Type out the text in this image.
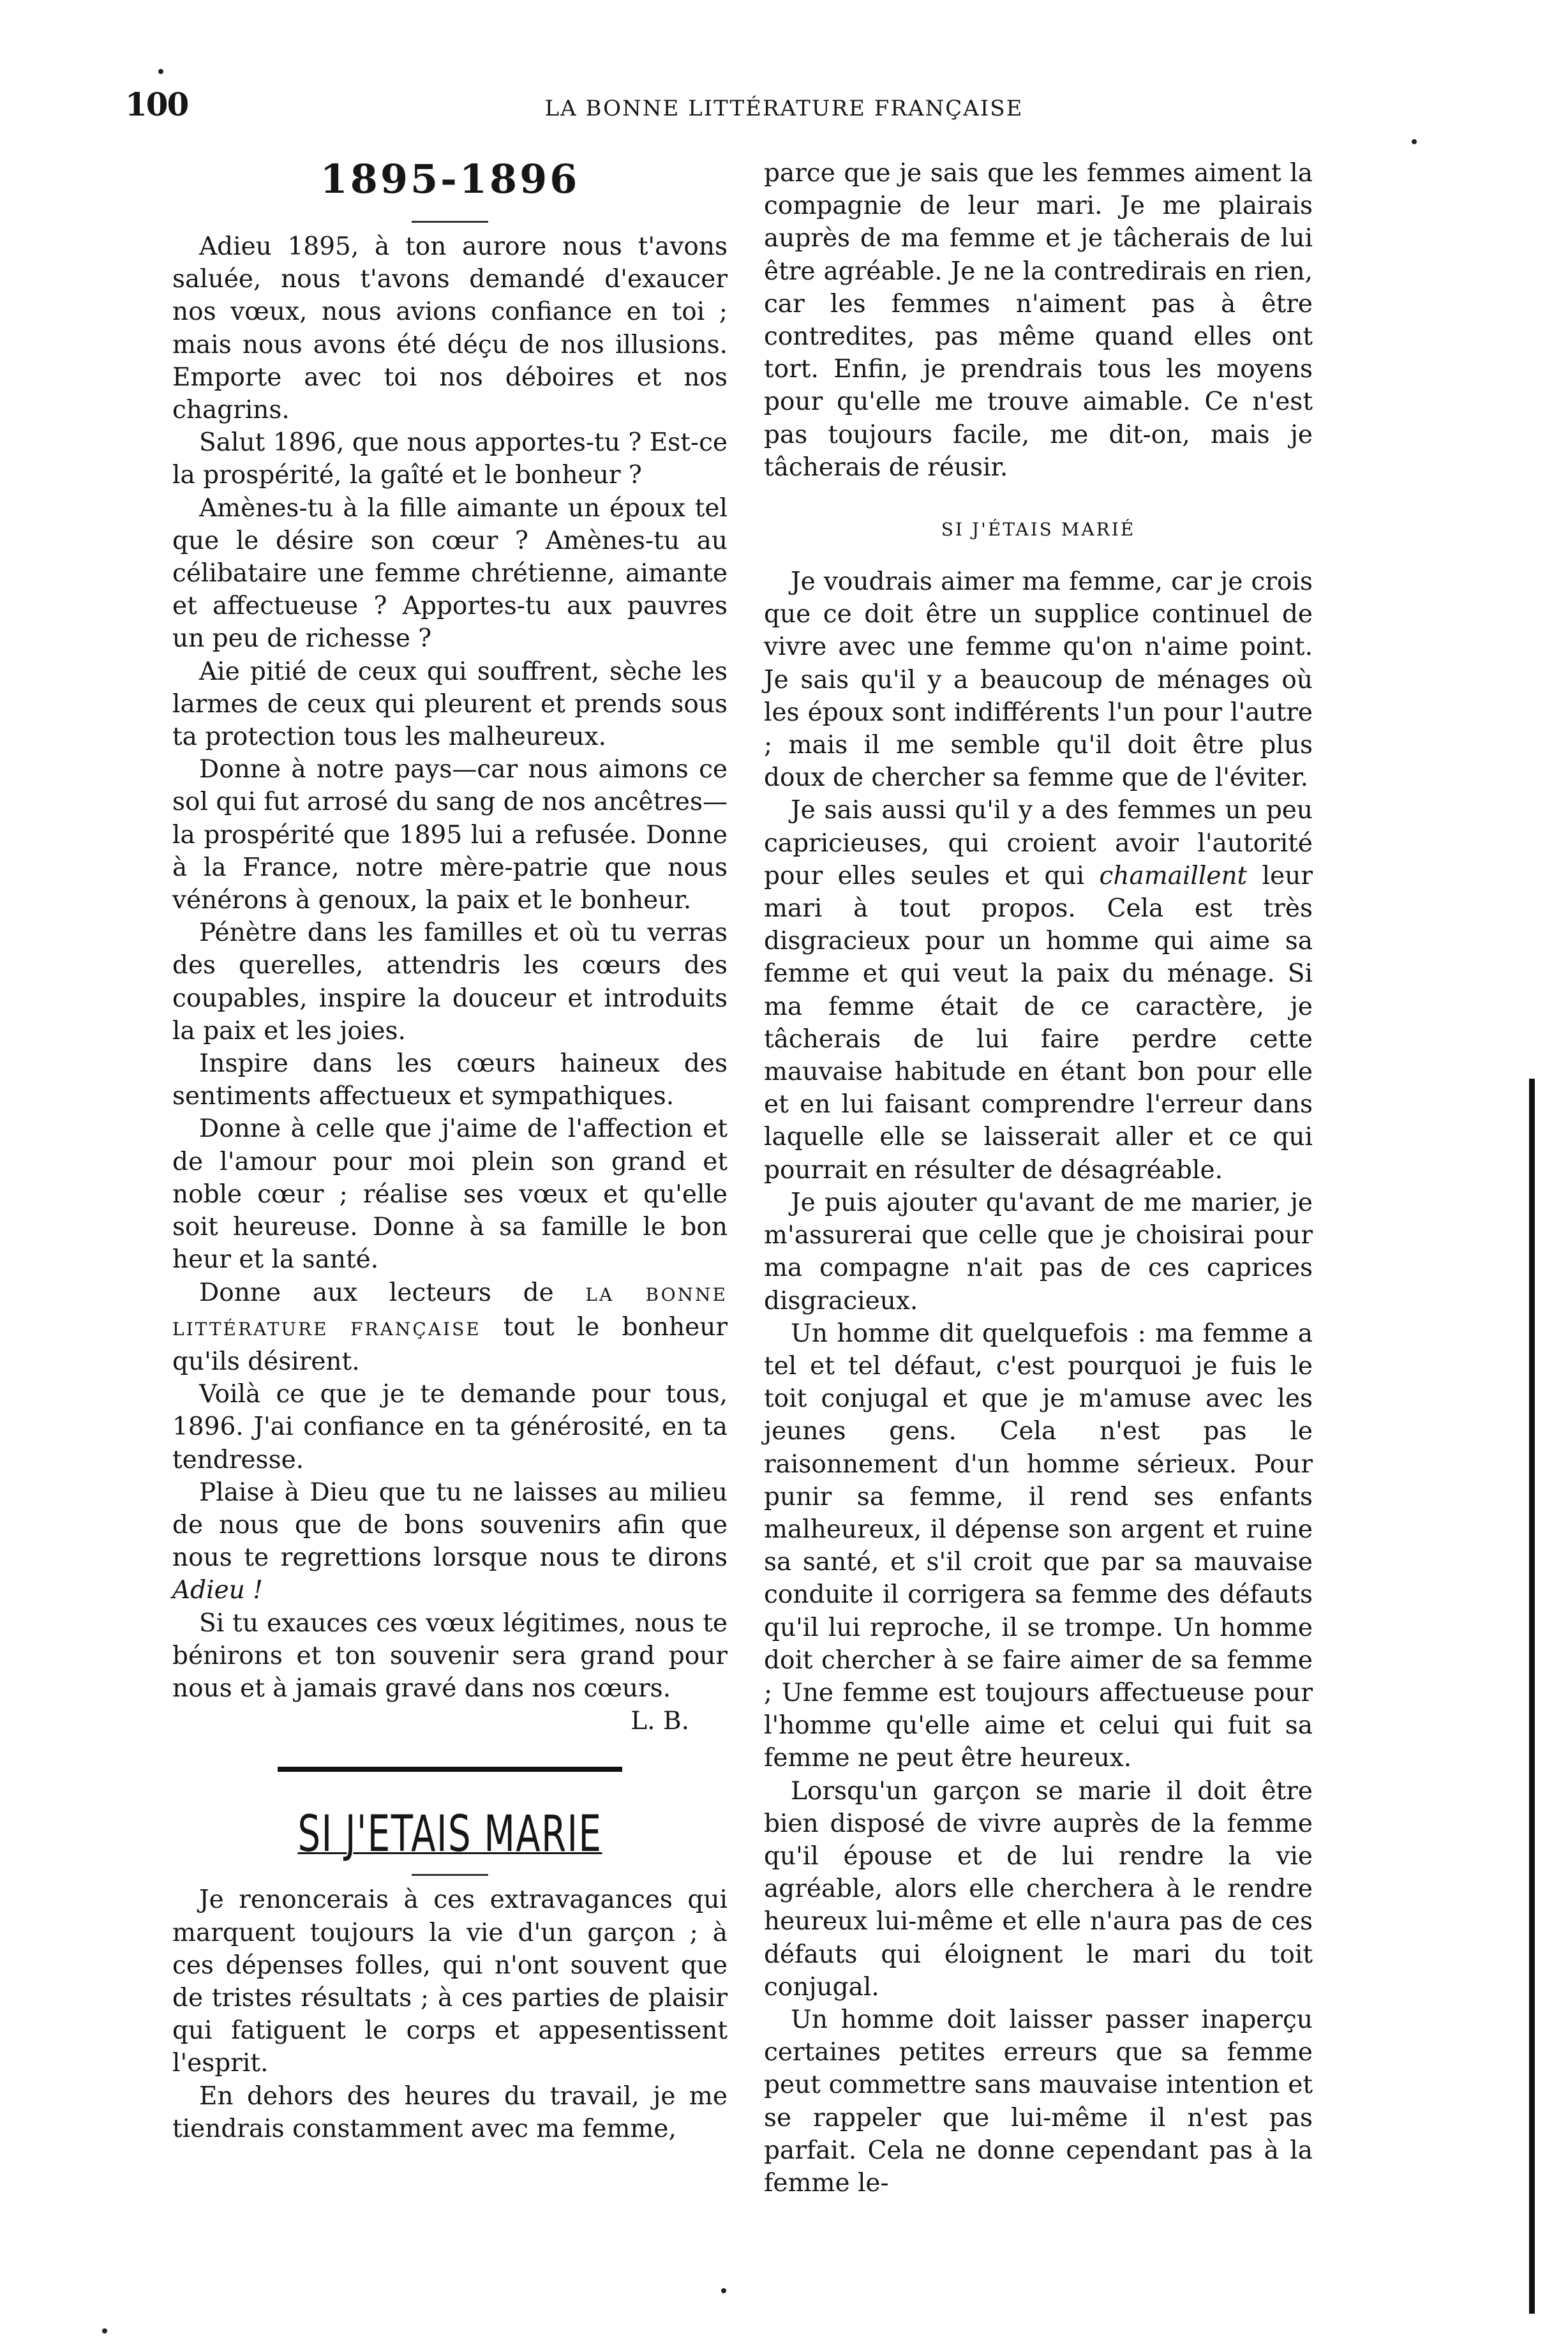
100	LA BONNE LITTÉRATURE FRANÇAISE
1895-1896

Adieu 1895, à ton aurore nous t'avons saluée, nous t'avons demandé d'exaucer nos vœux, nous avions confiance en toi ; mais nous avons été déçu de nos illusions. Emporte avec toi nos déboires et nos chagrins.

Salut 1896, que nous apportes-tu ? Est-ce la prospérité, la gaîté et le bonheur ?

Amènes-tu à la fille aimante un époux tel que le désire son cœur ? Amènes-tu au célibataire une femme chrétienne, aimante et affectueuse ? Apportes-tu aux pauvres un peu de richesse ?

Aie pitié de ceux qui souffrent, sèche les larmes de ceux qui pleurent et prends sous ta protection tous les malheureux.

Donne à notre pays—car nous aimons ce sol qui fut arrosé du sang de nos ancêtres—la prospérité que 1895 lui a refusée. Donne à la France, notre mère-patrie que nous vénérons à genoux, la paix et le bonheur.

Pénètre dans les familles et où tu verras des querelles, attendris les cœurs des coupables, inspire la douceur et introduits la paix et les joies.

Inspire dans les cœurs haineux des sentiments affectueux et sympathiques.

Donne à celle que j'aime de l'affection et de l'amour pour moi plein son grand et noble cœur ; réalise ses vœux et qu'elle soit heureuse. Donne à sa famille le bon heur et la santé.

Donne aux lecteurs de LA BONNE LITTÉRATURE FRANÇAISE tout le bonheur qu'ils désirent.

Voilà ce que je te demande pour tous, 1896. J'ai confiance en ta générosité, en ta tendresse.

Plaise à Dieu que tu ne laisses au milieu de nous que de bons souvenirs afin que nous te regrettions lorsque nous te dirons Adieu !

Si tu exauces ces vœux légitimes, nous te bénirons et ton souvenir sera grand pour nous et à jamais gravé dans nos cœurs.

L. B.
SI J'ETAIS MARIE

Je renoncerais à ces extravagances qui marquent toujours la vie d'un garçon ; à ces dépenses folles, qui n'ont souvent que de tristes résultats ; à ces parties de plaisir qui fatiguent le corps et appesentissent l'esprit.

En dehors des heures du travail, je me tiendrais constamment avec ma femme,

parce que je sais que les femmes aiment la compagnie de leur mari. Je me plairais auprès de ma femme et je tâcherais de lui être agréable. Je ne la contredirais en rien, car les femmes n'aiment pas à être contredites, pas même quand elles ont tort. Enfin, je prendrais tous les moyens pour qu'elle me trouve aimable. Ce n'est pas toujours facile, me dit-on, mais je tâcherais de réusir.

SI J'ÉTAIS MARIÉ

Je voudrais aimer ma femme, car je crois que ce doit être un supplice continuel de vivre avec une femme qu'on n'aime point. Je sais qu'il y a beaucoup de ménages où les époux sont indifférents l'un pour l'autre ; mais il me semble qu'il doit être plus doux de chercher sa femme que de l'éviter.

Je sais aussi qu'il y a des femmes un peu capricieuses, qui croient avoir l'autorité pour elles seules et qui chamaillent leur mari à tout propos. Cela est très disgracieux pour un homme qui aime sa femme et qui veut la paix du ménage. Si ma femme était de ce caractère, je tâcherais de lui faire perdre cette mauvaise habitude en étant bon pour elle et en lui faisant comprendre l'erreur dans laquelle elle se laisserait aller et ce qui pourrait en résulter de désagréable.

Je puis ajouter qu'avant de me marier, je m'assurerai que celle que je choisirai pour ma compagne n'ait pas de ces caprices disgracieux.

Un homme dit quelquefois : ma femme a tel et tel défaut, c'est pourquoi je fuis le toit conjugal et que je m'amuse avec les jeunes gens. Cela n'est pas le raisonnement d'un homme sérieux. Pour punir sa femme, il rend ses enfants malheureux, il dépense son argent et ruine sa santé, et s'il croit que par sa mauvaise conduite il corrigera sa femme des défauts qu'il lui reproche, il se trompe. Un homme doit chercher à se faire aimer de sa femme ; Une femme est toujours affectueuse pour l'homme qu'elle aime et celui qui fuit sa femme ne peut être heureux.

Lorsqu'un garçon se marie il doit être bien disposé de vivre auprès de la femme qu'il épouse et de lui rendre la vie agréable, alors elle cherchera à le rendre heureux lui-même et elle n'aura pas de ces défauts qui éloignent le mari du toit conjugal.

Un homme doit laisser passer inaperçu certaines petites erreurs que sa femme peut commettre sans mauvaise intention et se rappeler que lui-même il n'est pas parfait. Cela ne donne cependant pas à la femme le-
